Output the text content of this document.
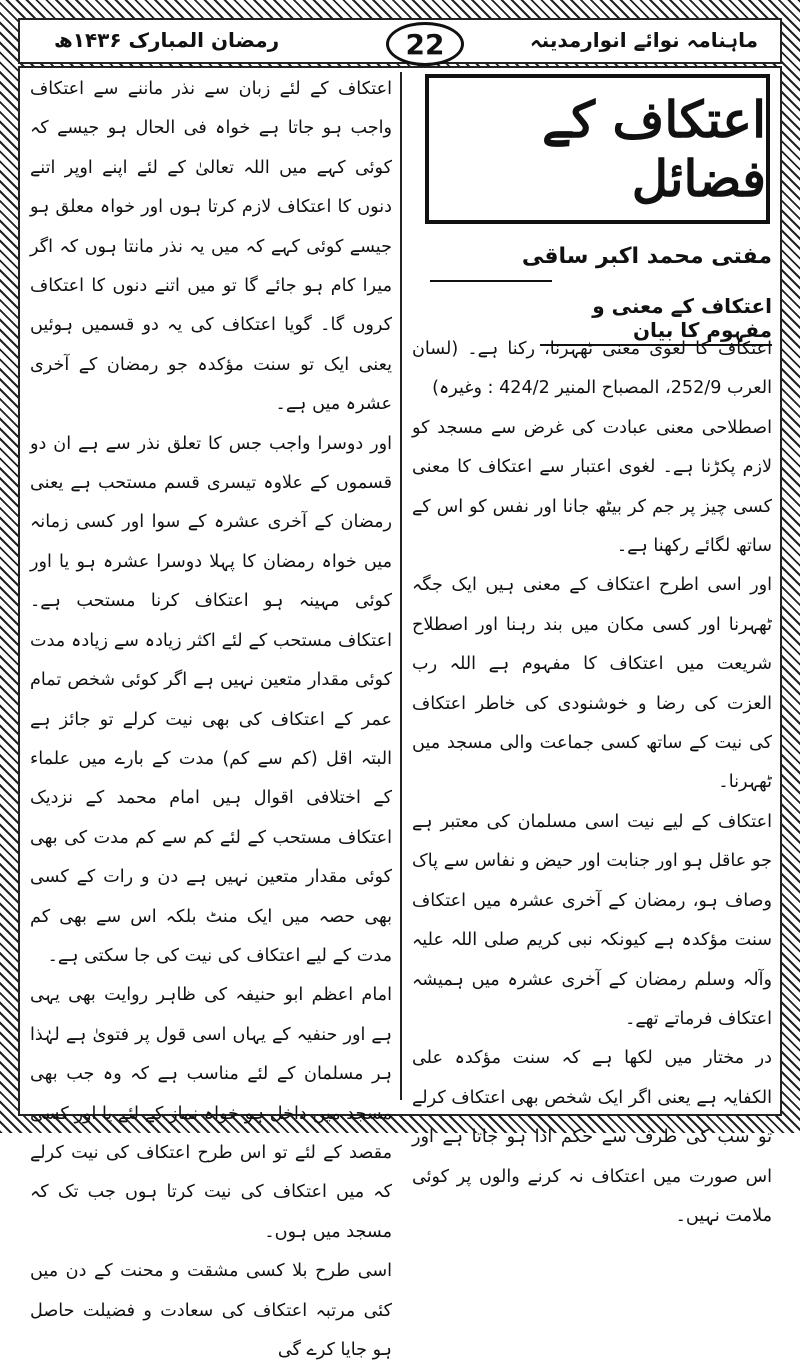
رمضان المبارک ۱۴۳۶ھ	22	ماہنامہ نوائے انوارمدینہ
اعتکاف کے فضائل
مفتی محمد اکبر ساقی
اعتکاف کے معنی و مفہوم کا بیان

اعتکاف کا لغوی معنی ٹھہرنا، رکنا ہے۔ (لسان العرب 252/9، المصباح المنیر 424/2 : وغیرہ)

اصطلاحی معنی عبادت کی غرض سے مسجد کو لازم پکڑنا ہے۔ لغوی اعتبار سے اعتکاف کا معنی کسی چیز پر جم کر بیٹھ جانا اور نفس کو اس کے ساتھ لگائے رکھنا ہے۔

اور اسی اطرح اعتکاف کے معنی ہیں ایک جگہ ٹھہرنا اور کسی مکان میں بند رہنا اور اصطلاح شریعت میں اعتکاف کا مفہوم ہے اللہ رب العزت کی رضا و خوشنودی کی خاطر اعتکاف کی نیت کے ساتھ کسی جماعت والی مسجد میں ٹھہرنا۔

اعتکاف کے لیے نیت اسی مسلمان کی معتبر ہے جو عاقل ہو اور جنابت اور حیض و نفاس سے پاک وصاف ہو، رمضان کے آخری عشرہ میں اعتکاف سنت مؤکدہ ہے کیونکہ نبی کریم صلی اللہ علیہ وآلہ وسلم رمضان کے آخری عشرہ میں ہمیشہ اعتکاف فرماتے تھے۔

در مختار میں لکھا ہے کہ سنت مؤکدہ علی الکفایہ ہے یعنی اگر ایک شخص بھی اعتکاف کرلے تو سب کی طرف سے حکم ادا ہو جاتا ہے اور اس صورت میں اعتکاف نہ کرنے والوں پر کوئی ملامت نہیں۔

اعتکاف کے لئے زبان سے نذر ماننے سے اعتکاف واجب ہو جاتا ہے خواہ فی الحال ہو جیسے کہ کوئی کہے میں اللہ تعالیٰ کے لئے اپنے اوپر اتنے دنوں کا اعتکاف لازم کرتا ہوں اور خواہ معلق ہو جیسے کوئی کہے کہ میں یہ نذر مانتا ہوں کہ اگر میرا کام ہو جائے گا تو میں اتنے دنوں کا اعتکاف کروں گا۔ گویا اعتکاف کی یہ دو قسمیں ہوئیں یعنی ایک تو سنت مؤکدہ جو رمضان کے آخری عشرہ میں ہے۔

اور دوسرا واجب جس کا تعلق نذر سے ہے ان دو قسموں کے علاوہ تیسری قسم مستحب ہے یعنی رمضان کے آخری عشرہ کے سوا اور کسی زمانہ میں خواہ رمضان کا پہلا دوسرا عشرہ ہو یا اور کوئی مہینہ ہو اعتکاف کرنا مستحب ہے۔ اعتکاف مستحب کے لئے اکثر زیادہ سے زیادہ مدت کوئی مقدار متعین نہیں ہے اگر کوئی شخص تمام عمر کے اعتکاف کی بھی نیت کرلے تو جائز ہے البتہ اقل (کم سے کم) مدت کے بارے میں علماء کے اختلافی اقوال ہیں امام محمد کے نزدیک اعتکاف مستحب کے لئے کم سے کم مدت کی بھی کوئی مقدار متعین نہیں ہے دن و رات کے کسی بھی حصہ میں ایک منٹ بلکہ اس سے بھی کم مدت کے لیے اعتکاف کی نیت کی جا سکتی ہے۔

امام اعظم ابو حنیفہ کی ظاہر روایت بھی یہی ہے اور حنفیہ کے یہاں اسی قول پر فتویٰ ہے لہٰذا ہر مسلمان کے لئے مناسب ہے کہ وہ جب بھی مسجد میں داخل ہو خواہ نماز کے لئے یا اور کسی مقصد کے لئے تو اس طرح اعتکاف کی نیت کرلے کہ میں اعتکاف کی نیت کرتا ہوں جب تک کہ مسجد میں ہوں۔

اسی طرح بلا کسی مشقت و محنت کے دن میں کئی مرتبہ اعتکاف کی سعادت و فضیلت حاصل ہو جایا کرے گی
